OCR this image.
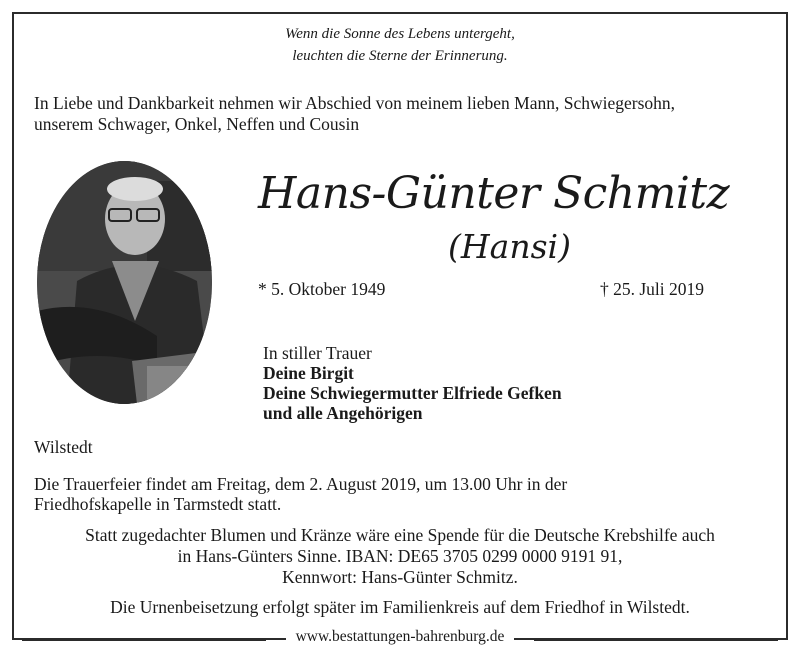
Wenn die Sonne des Lebens untergeht,
leuchten die Sterne der Erinnerung.
In Liebe und Dankbarkeit nehmen wir Abschied von meinem lieben Mann, Schwiegersohn,
unserem Schwager, Onkel, Neffen und Cousin
Hans-Günter Schmitz
(Hansi)
* 5. Oktober 1949	† 25. Juli 2019
In stiller Trauer
Deine Birgit
Deine Schwiegermutter Elfriede Gefken
und alle Angehörigen
Wilstedt
Die Trauerfeier findet am Freitag, dem 2. August 2019, um 13.00 Uhr in der
Friedhofskapelle in Tarmstedt statt.
Statt zugedachter Blumen und Kränze wäre eine Spende für die Deutsche Krebshilfe auch
in Hans-Günters Sinne. IBAN: DE65 3705 0299 0000 9191 91,
Kennwort: Hans-Günter Schmitz.
Die Urnenbeisetzung erfolgt später im Familienkreis auf dem Friedhof in Wilstedt.
www.bestattungen-bahrenburg.de
